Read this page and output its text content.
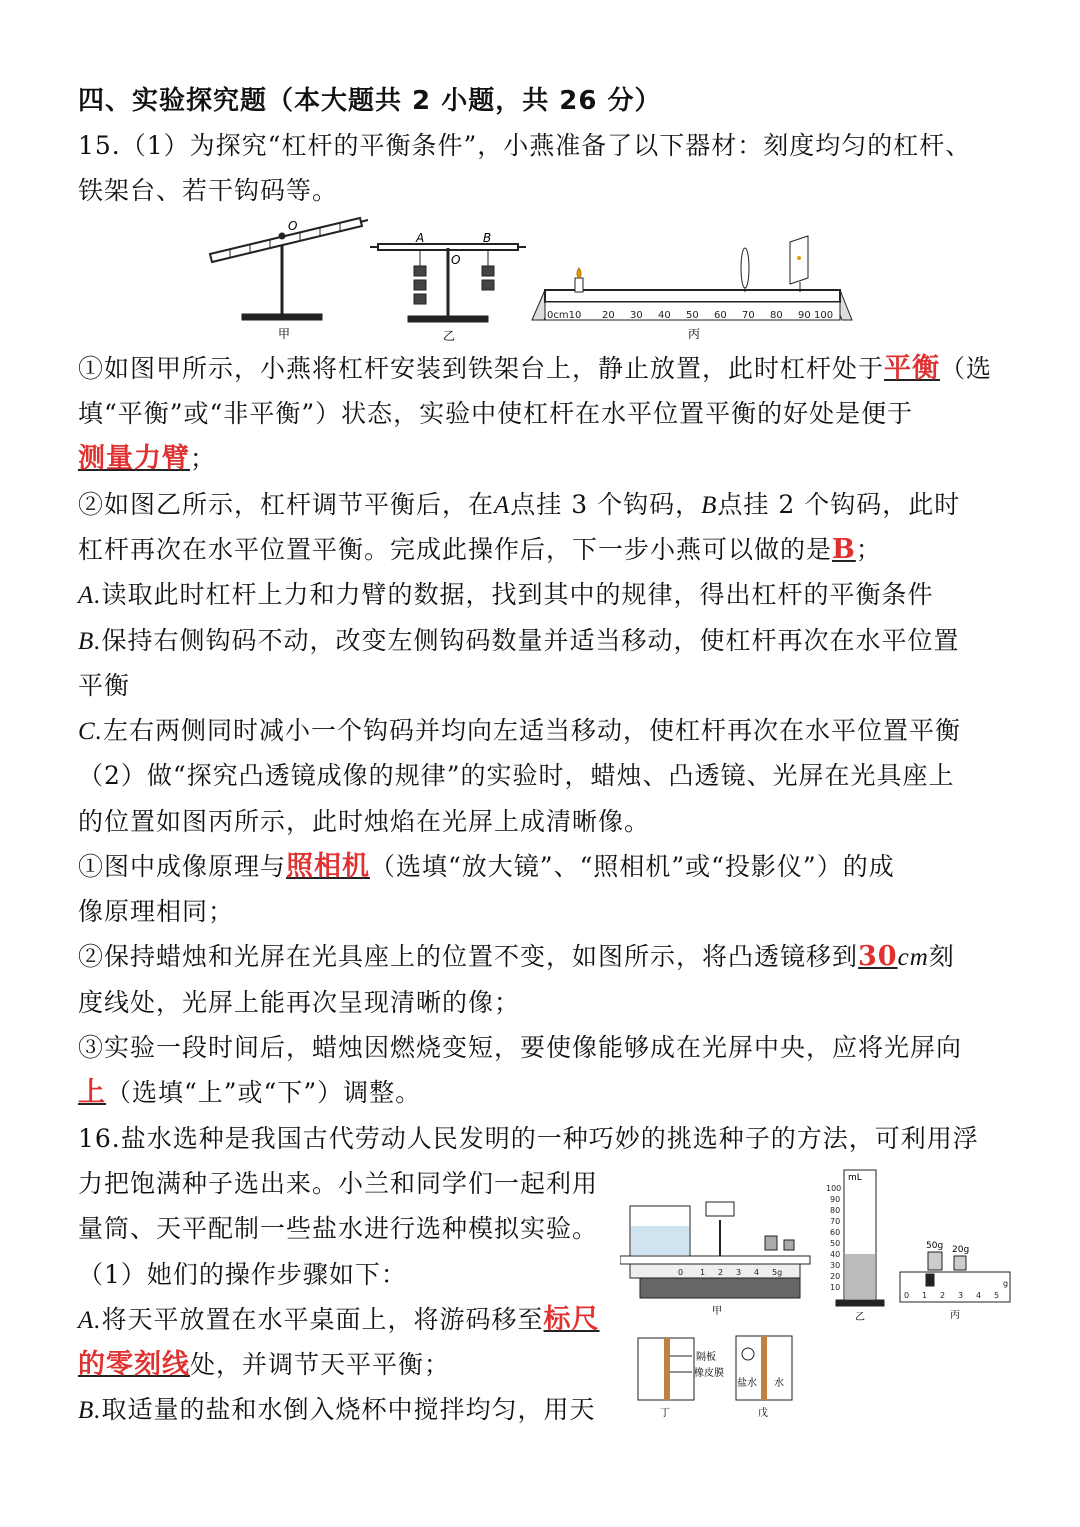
四、实验探究题（本大题共 2 小题，共 26 分）
15.（1）为探究“杠杆的平衡条件”，小燕准备了以下器材：刻度均匀的杠杆、
铁架台、若干钩码等。
O
甲
A	B
O
乙
0cm10 20 30 40 50 60 70 80 90 100
丙
①如图甲所示，小燕将杠杆安装到铁架台上，静止放置，此时杠杆处于平衡（选
填“平衡”或“非平衡”）状态，实验中使杠杆在水平位置平衡的好处是便于
测量力臂；
②如图乙所示，杠杆调节平衡后，在A点挂 3 个钩码，B点挂 2 个钩码，此时
杠杆再次在水平位置平衡。完成此操作后，下一步小燕可以做的是B；
A.读取此时杠杆上力和力臂的数据，找到其中的规律，得出杠杆的平衡条件
B.保持右侧钩码不动，改变左侧钩码数量并适当移动，使杠杆再次在水平位置
平衡
C.左右两侧同时减小一个钩码并均向左适当移动，使杠杆再次在水平位置平衡
（2）做“探究凸透镜成像的规律”的实验时，蜡烛、凸透镜、光屏在光具座上
的位置如图丙所示，此时烛焰在光屏上成清晰像。
①图中成像原理与照相机（选填“放大镜”、“照相机”或“投影仪”）的成
像原理相同；
②保持蜡烛和光屏在光具座上的位置不变，如图所示，将凸透镜移到30cm刻
度线处，光屏上能再次呈现清晰的像；
③实验一段时间后，蜡烛因燃烧变短，要使像能够成在光屏中央，应将光屏向
上（选填“上”或“下”）调整。
16.盐水选种是我国古代劳动人民发明的一种巧妙的挑选种子的方法，可利用浮
力把饱满种子选出来。小兰和同学们一起利用
量筒、天平配制一些盐水进行选种模拟实验。
（1）她们的操作步骤如下：
A.将天平放置在水平桌面上，将游码移至标尺
的零刻线处，并调节天平平衡；
B.取适量的盐和水倒入烧杯中搅拌均匀，用天
0 1 2 3 4 5g
甲
mL
100
90
80
70
60
50
40
30
20
10
乙
50g 20g
0 1 2 3 4 5
g
丙
隔板
橡皮膜
丁
盐水 水
戊
